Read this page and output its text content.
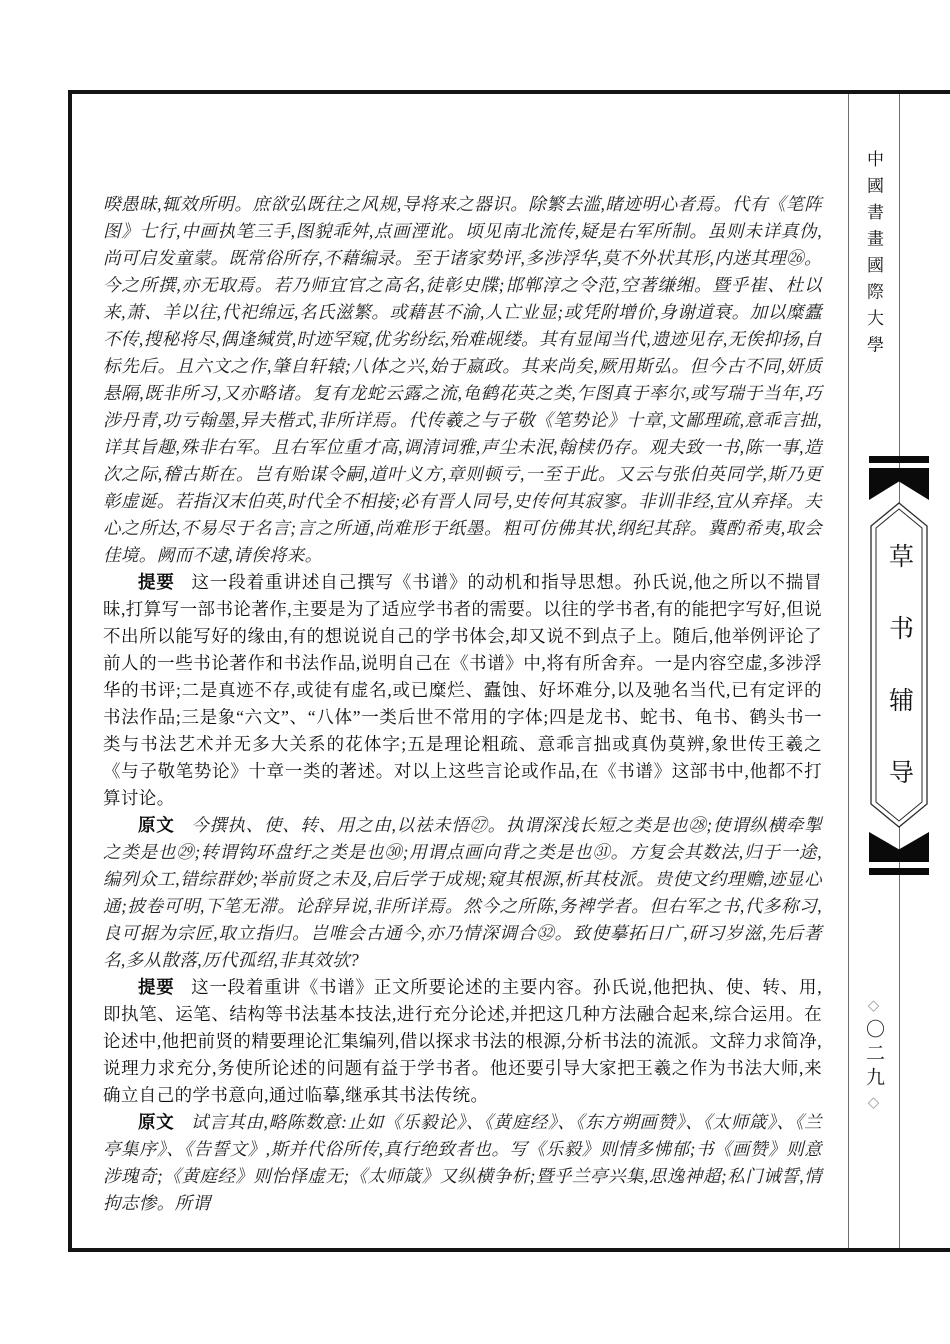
暌愚昧,辄效所明。庶欲弘既往之风规,导将来之器识。除繁去滥,睹迹明心者焉。代有《笔阵图》七行,中画执笔三手,图貌乖舛,点画湮讹。顷见南北流传,疑是右军所制。虽则未详真伪,尚可启发童蒙。既常俗所存,不藉编录。至于诸家势评,多涉浮华,莫不外状其形,内迷其理㉖。今之所撰,亦无取焉。若乃师宜官之高名,徒彰史牒;邯郸淳之令范,空著缣缃。暨乎崔、杜以来,萧、羊以往,代祀绵远,名氏滋繁。或藉甚不渝,人亡业显;或凭附增价,身谢道衰。加以糜蠹不传,搜秘将尽,偶逢缄赏,时迹罕窥,优劣纷纭,殆难觇缕。其有显闻当代,遗迹见存,无俟抑扬,自标先后。且六文之作,肇自轩辕;八体之兴,始于嬴政。其来尚矣,厥用斯弘。但今古不同,妍质悬隔,既非所习,又亦略诸。复有龙蛇云露之流,龟鹤花英之类,乍图真于率尔,或写瑞于当年,巧涉丹青,功亏翰墨,异夫楷式,非所详焉。代传羲之与子敬《笔势论》十章,文鄙理疏,意乖言拙,详其旨趣,殊非右军。且右军位重才高,调清词雅,声尘未泯,翰椟仍存。观夫致一书,陈一事,造次之际,稽古斯在。岂有贻谋令嗣,道叶义方,章则顿亏,一至于此。又云与张伯英同学,斯乃更彰虚诞。若指汉末伯英,时代全不相接;必有晋人同号,史传何其寂寥。非训非经,宜从弃择。夫心之所达,不易尽于名言;言之所通,尚难形于纸墨。粗可仿佛其状,纲纪其辞。冀酌希夷,取会佳境。阙而不逮,请俟将来。

提要 这一段着重讲述自己撰写《书谱》的动机和指导思想。孙氏说,他之所以不揣冒昧,打算写一部书论著作,主要是为了适应学书者的需要。以往的学书者,有的能把字写好,但说不出所以能写好的缘由,有的想说说自己的学书体会,却又说不到点子上。随后,他举例评论了前人的一些书论著作和书法作品,说明自己在《书谱》中,将有所舍弃。一是内容空虚,多涉浮华的书评;二是真迹不存,或徒有虚名,或已糜烂、蠹蚀、好坏难分,以及驰名当代,已有定评的书法作品;三是象“六文”、“八体”一类后世不常用的字体;四是龙书、蛇书、龟书、鹤头书一类与书法艺术并无多大关系的花体字;五是理论粗疏、意乖言拙或真伪莫辨,象世传王羲之《与子敬笔势论》十章一类的著述。对以上这些言论或作品,在《书谱》这部书中,他都不打算讨论。

原文 今撰执、使、转、用之由,以祛未悟㉗。执谓深浅长短之类是也㉘;使谓纵横牵掣之类是也㉙;转谓钩环盘纡之类是也㉚;用谓点画向背之类是也㉛。方复会其数法,归于一途,编列众工,错综群妙;举前贤之未及,启后学于成规;窥其根源,析其枝派。贵使文约理赡,迹显心通;披卷可明,下笔无滞。论辞异说,非所详焉。然今之所陈,务裨学者。但右军之书,代多称习,良可据为宗匠,取立指归。岂唯会古通今,亦乃情深调合㉜。致使摹拓日广,研习岁滋,先后著名,多从散落,历代孤绍,非其效欤?

提要 这一段着重讲《书谱》正文所要论述的主要内容。孙氏说,他把执、使、转、用,即执笔、运笔、结构等书法基本技法,进行充分论述,并把这几种方法融合起来,综合运用。在论述中,他把前贤的精要理论汇集编列,借以探求书法的根源,分析书法的流派。文辞力求简净,说理力求充分,务使所论述的问题有益于学书者。他还要引导大家把王羲之作为书法大师,来确立自己的学书意向,通过临摹,继承其书法传统。

原文 试言其由,略陈数意:止如《乐毅论》、《黄庭经》、《东方朔画赞》、《太师箴》、《兰亭集序》、《告誓文》,斯并代俗所传,真行绝致者也。写《乐毅》则情多怫郁;书《画赞》则意涉瑰奇;《黄庭经》则怡怿虚无;《太师箴》又纵横争析;暨乎兰亭兴集,思逸神超;私门诫誓,情拘志惨。所谓

中國書畫國際大學
草书辅导
◇
〇二九
◇
